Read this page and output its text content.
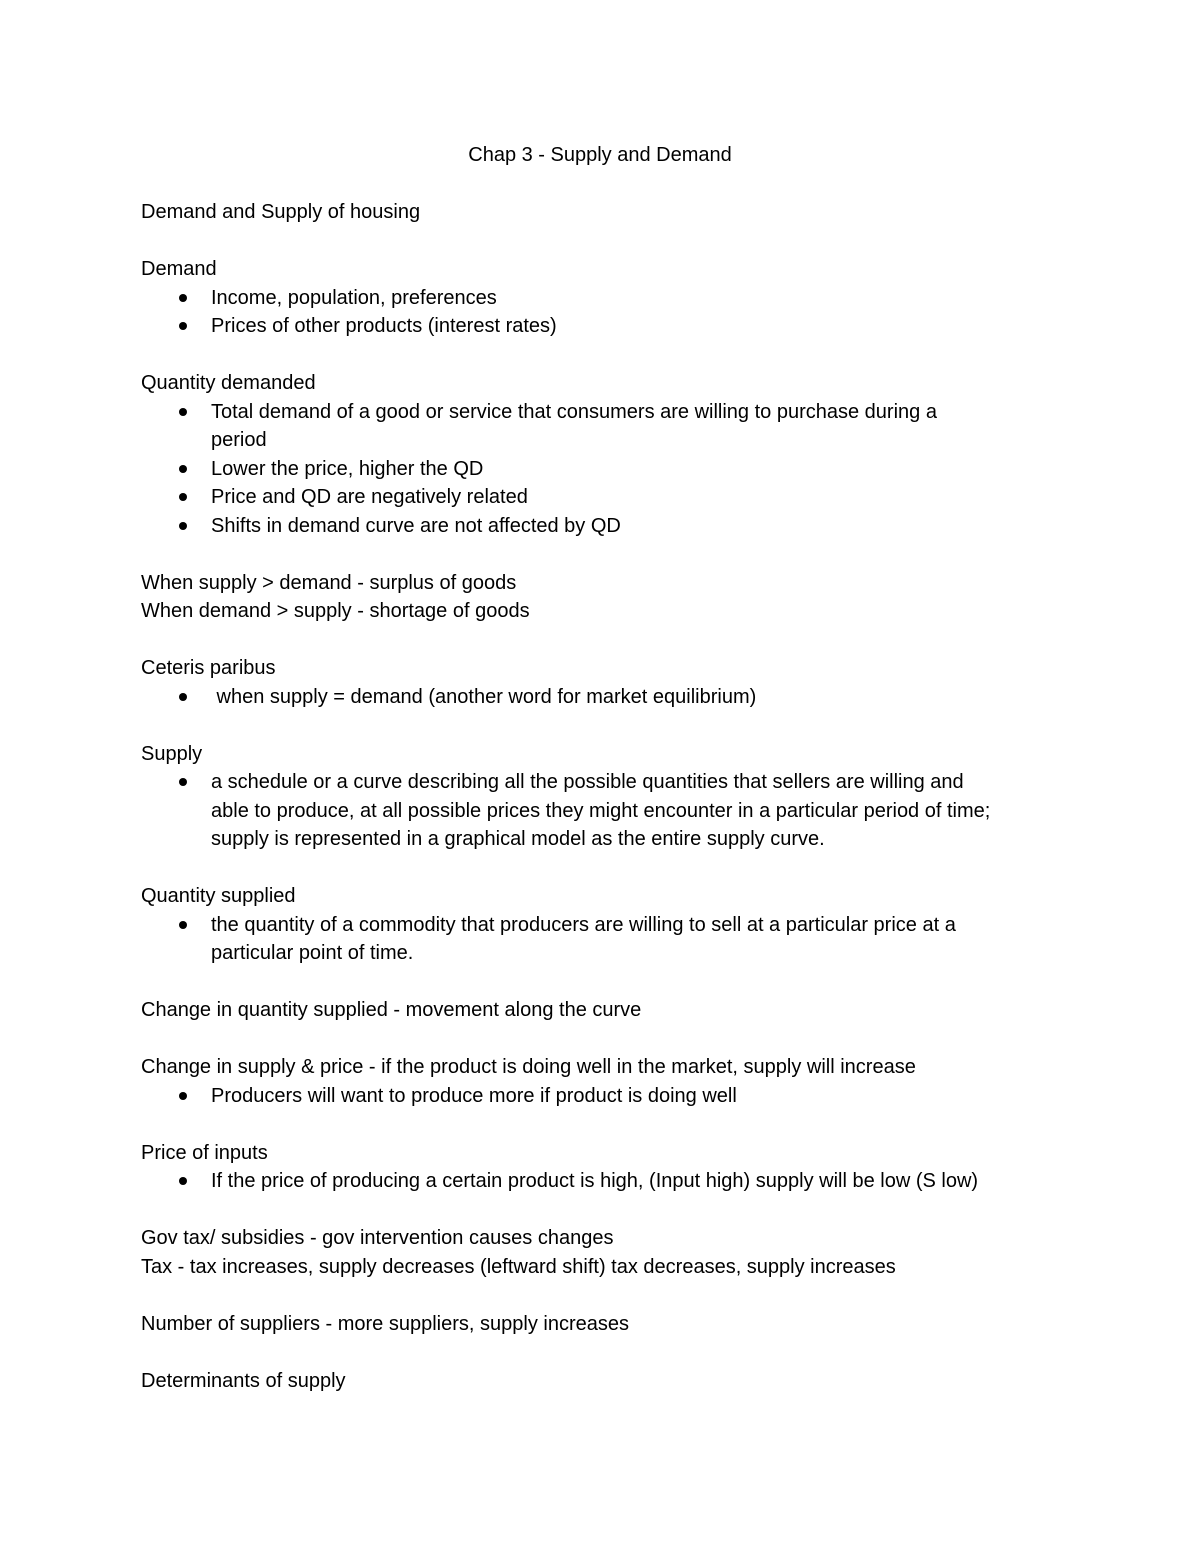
Chap 3 - Supply and Demand

Demand and Supply of housing

Demand

Income, population, preferences
Prices of other products (interest rates)

Quantity demanded

Total demand of a good or service that consumers are willing to purchase during a
period
Lower the price, higher the QD
Price and QD are negatively related
Shifts in demand curve are not affected by QD

When supply > demand - surplus of goods

When demand > supply - shortage of goods

Ceteris paribus

when supply = demand (another word for market equilibrium)

Supply

a schedule or a curve describing all the possible quantities that sellers are willing and
able to produce, at all possible prices they might encounter in a particular period of time;
supply is represented in a graphical model as the entire supply curve.

Quantity supplied

the quantity of a commodity that producers are willing to sell at a particular price at a
particular point of time.

Change in quantity supplied - movement along the curve

Change in supply & price - if the product is doing well in the market, supply will increase

Producers will want to produce more if product is doing well

Price of inputs

If the price of producing a certain product is high, (Input high) supply will be low (S low)

Gov tax/ subsidies - gov intervention causes changes

Tax - tax increases, supply decreases (leftward shift) tax decreases, supply increases

Number of suppliers - more suppliers, supply increases

Determinants of supply
